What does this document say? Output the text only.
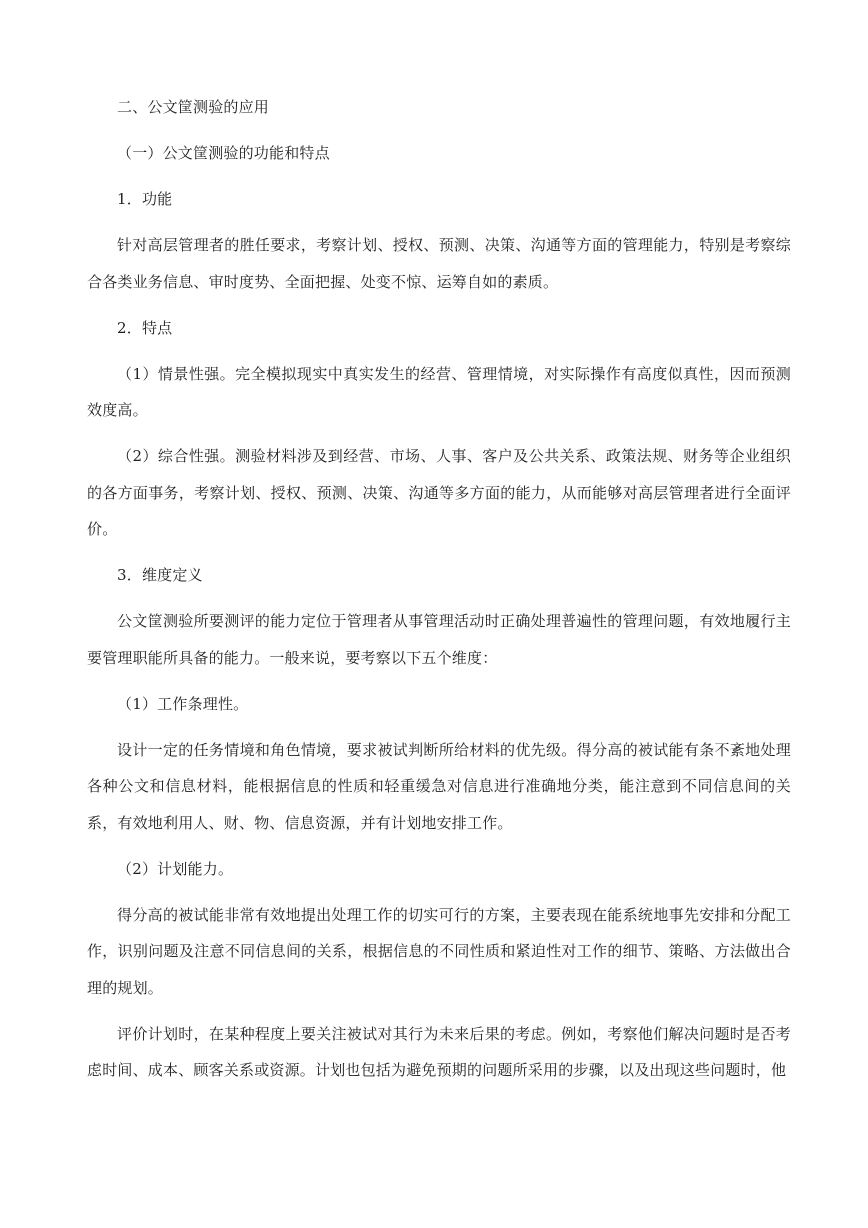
二、公文筐测验的应用

（一）公文筐测验的功能和特点

1．功能

针对高层管理者的胜任要求，考察计划、授权、预测、决策、沟通等方面的管理能力，特别是考察综合各类业务信息、审时度势、全面把握、处变不惊、运筹自如的素质。

2．特点

（1）情景性强。完全模拟现实中真实发生的经营、管理情境，对实际操作有高度似真性，因而预测效度高。

（2）综合性强。测验材料涉及到经营、市场、人事、客户及公共关系、政策法规、财务等企业组织的各方面事务，考察计划、授权、预测、决策、沟通等多方面的能力，从而能够对高层管理者进行全面评价。

3．维度定义

公文筐测验所要测评的能力定位于管理者从事管理活动时正确处理普遍性的管理问题，有效地履行主要管理职能所具备的能力。一般来说，要考察以下五个维度：

（1）工作条理性。

设计一定的任务情境和角色情境，要求被试判断所给材料的优先级。得分高的被试能有条不紊地处理各种公文和信息材料，能根据信息的性质和轻重缓急对信息进行准确地分类，能注意到不同信息间的关系，有效地利用人、财、物、信息资源，并有计划地安排工作。

（2）计划能力。

得分高的被试能非常有效地提出处理工作的切实可行的方案，主要表现在能系统地事先安排和分配工作，识别问题及注意不同信息间的关系，根据信息的不同性质和紧迫性对工作的细节、策略、方法做出合理的规划。

评价计划时，在某种程度上要关注被试对其行为未来后果的考虑。例如，考察他们解决问题时是否考虑时间、成本、顾客关系或资源。计划也包括为避免预期的问题所采用的步骤，以及出现这些问题时，他
